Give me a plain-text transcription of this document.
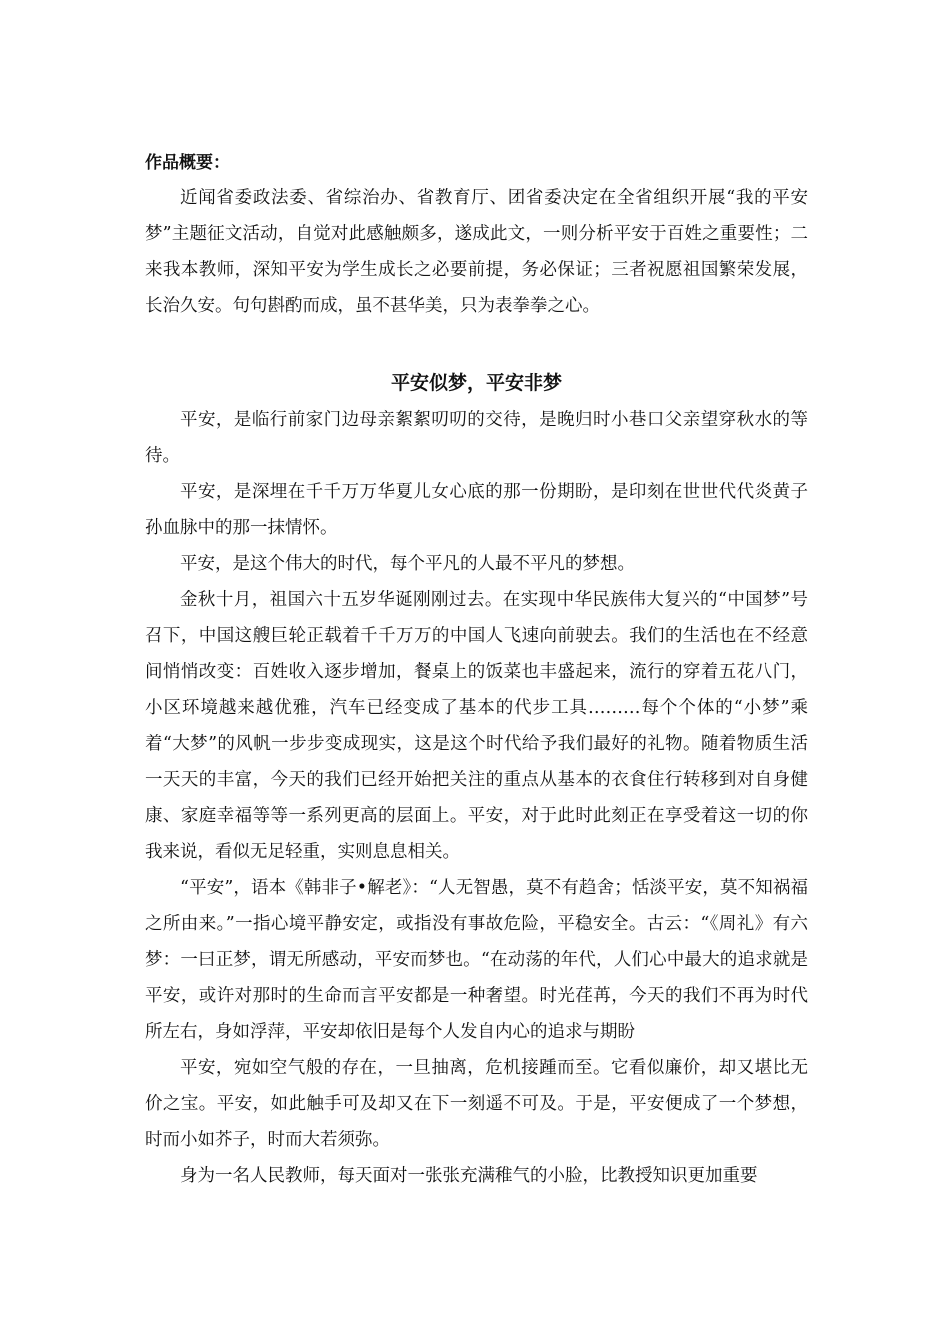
作品概要：

近闻省委政法委、省综治办、省教育厅、团省委决定在全省组织开展“我的平安梦”主题征文活动，自觉对此感触颇多，遂成此文，一则分析平安于百姓之重要性；二来我本教师，深知平安为学生成长之必要前提，务必保证；三者祝愿祖国繁荣发展，长治久安。句句斟酌而成，虽不甚华美，只为表拳拳之心。

平安似梦，平安非梦

平安，是临行前家门边母亲絮絮叨叨的交待，是晚归时小巷口父亲望穿秋水的等待。

平安，是深埋在千千万万华夏儿女心底的那一份期盼，是印刻在世世代代炎黄子孙血脉中的那一抹情怀。

平安，是这个伟大的时代，每个平凡的人最不平凡的梦想。

金秋十月，祖国六十五岁华诞刚刚过去。在实现中华民族伟大复兴的“中国梦”号召下，中国这艘巨轮正载着千千万万的中国人飞速向前驶去。我们的生活也在不经意间悄悄改变：百姓收入逐步增加，餐桌上的饭菜也丰盛起来，流行的穿着五花八门，小区环境越来越优雅，汽车已经变成了基本的代步工具………每个个体的“小梦”乘着“大梦”的风帆一步步变成现实，这是这个时代给予我们最好的礼物。随着物质生活一天天的丰富，今天的我们已经开始把关注的重点从基本的衣食住行转移到对自身健康、家庭幸福等等一系列更高的层面上。平安，对于此时此刻正在享受着这一切的你我来说，看似无足轻重，实则息息相关。

“平安”，语本《韩非子•解老》：“人无智愚，莫不有趋舍；恬淡平安，莫不知祸福之所由来。”一指心境平静安定，或指没有事故危险，平稳安全。古云：“《周礼》有六梦：一曰正梦，谓无所感动，平安而梦也。“在动荡的年代，人们心中最大的追求就是平安，或许对那时的生命而言平安都是一种奢望。时光荏苒，今天的我们不再为时代所左右，身如浮萍，平安却依旧是每个人发自内心的追求与期盼

平安，宛如空气般的存在，一旦抽离，危机接踵而至。它看似廉价，却又堪比无价之宝。平安，如此触手可及却又在下一刻遥不可及。于是，平安便成了一个梦想，时而小如芥子，时而大若须弥。

身为一名人民教师，每天面对一张张充满稚气的小脸，比教授知识更加重要
